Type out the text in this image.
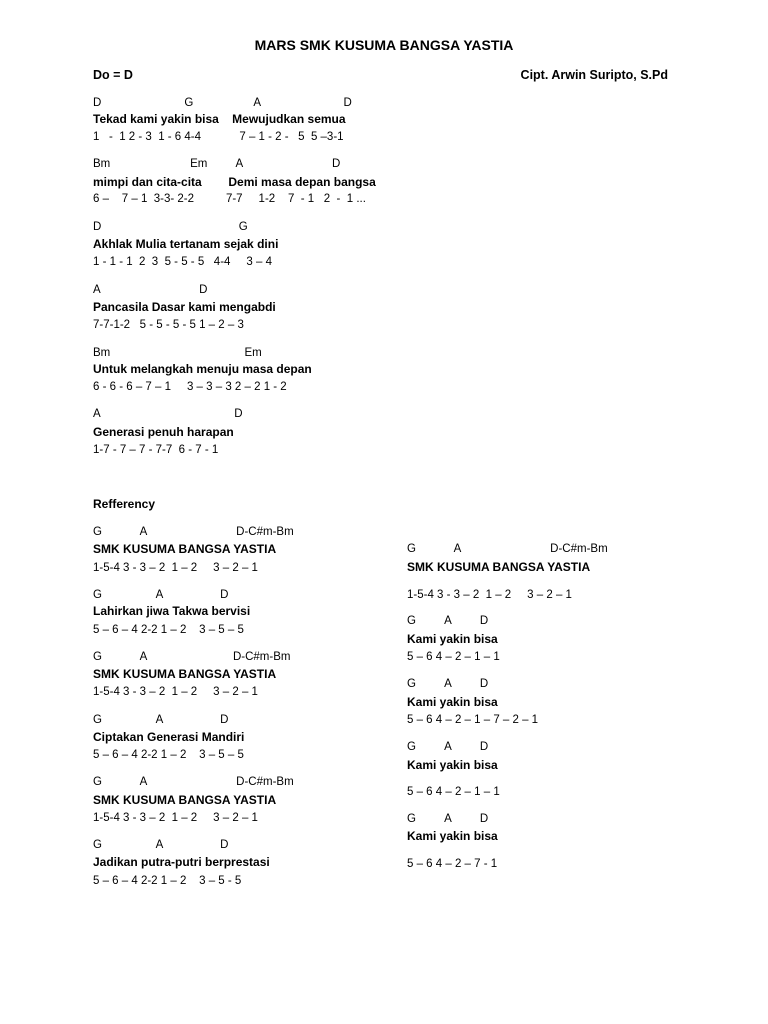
MARS SMK KUSUMA BANGSA YASTIA
Do = D	Cipt. Arwin Suripto, S.Pd
D                          G                   A                          D
Tekad kami yakin bisa    Mewujudkan semua
1   -  1 2 - 3  1 - 6 4-4            7 – 1 - 2 -   5  5 –3-1
Bm                         Em         A                            D
mimpi dan cita-cita        Demi masa depan bangsa
6 –    7 – 1  3-3- 2-2          7-7     1-2    7  - 1   2  -  1 ...
D                                           G
Akhlak Mulia tertanam sejak dini
1 - 1 - 1  2  3  5 - 5 - 5   4-4     3 – 4
A                               D
Pancasila Dasar kami mengabdi
7-7-1-2   5 - 5 - 5 - 5 1 – 2 – 3
Bm                                          Em
Untuk melangkah menuju masa depan
6 - 6 - 6 – 7 – 1     3 – 3 – 3 2 – 2 1 - 2
A                                          D
Generasi penuh harapan
1-7 - 7 – 7 - 7-7  6 - 7 - 1
Refferency
G            A                            D-C#m-Bm
SMK KUSUMA BANGSA YASTIA
1-5-4 3 - 3 – 2  1 – 2     3 – 2 – 1
G                 A                  D
Lahirkan jiwa Takwa bervisi
5 – 6 – 4 2-2 1 – 2    3 – 5 – 5
G            A                           D-C#m-Bm
SMK KUSUMA BANGSA YASTIA
1-5-4 3 - 3 – 2  1 – 2     3 – 2 – 1
G                 A                  D
Ciptakan Generasi Mandiri
5 – 6 – 4 2-2 1 – 2    3 – 5 – 5
G            A                            D-C#m-Bm
SMK KUSUMA BANGSA YASTIA
1-5-4 3 - 3 – 2  1 – 2     3 – 2 – 1
G                 A                  D
Jadikan putra-putri berprestasi
5 – 6 – 4 2-2 1 – 2    3 – 5 - 5
G            A                            D-C#m-Bm
SMK KUSUMA BANGSA YASTIA
1-5-4 3 - 3 – 2  1 – 2     3 – 2 – 1
G         A         D
Kami yakin bisa
5 – 6 4 – 2 – 1 – 1
G         A         D
Kami yakin bisa
5 – 6 4 – 2 – 1 – 7 – 2 – 1
G         A         D
Kami yakin bisa
5 – 6 4 – 2 – 1 – 1
G         A         D
Kami yakin bisa
5 – 6 4 – 2 – 7 - 1
